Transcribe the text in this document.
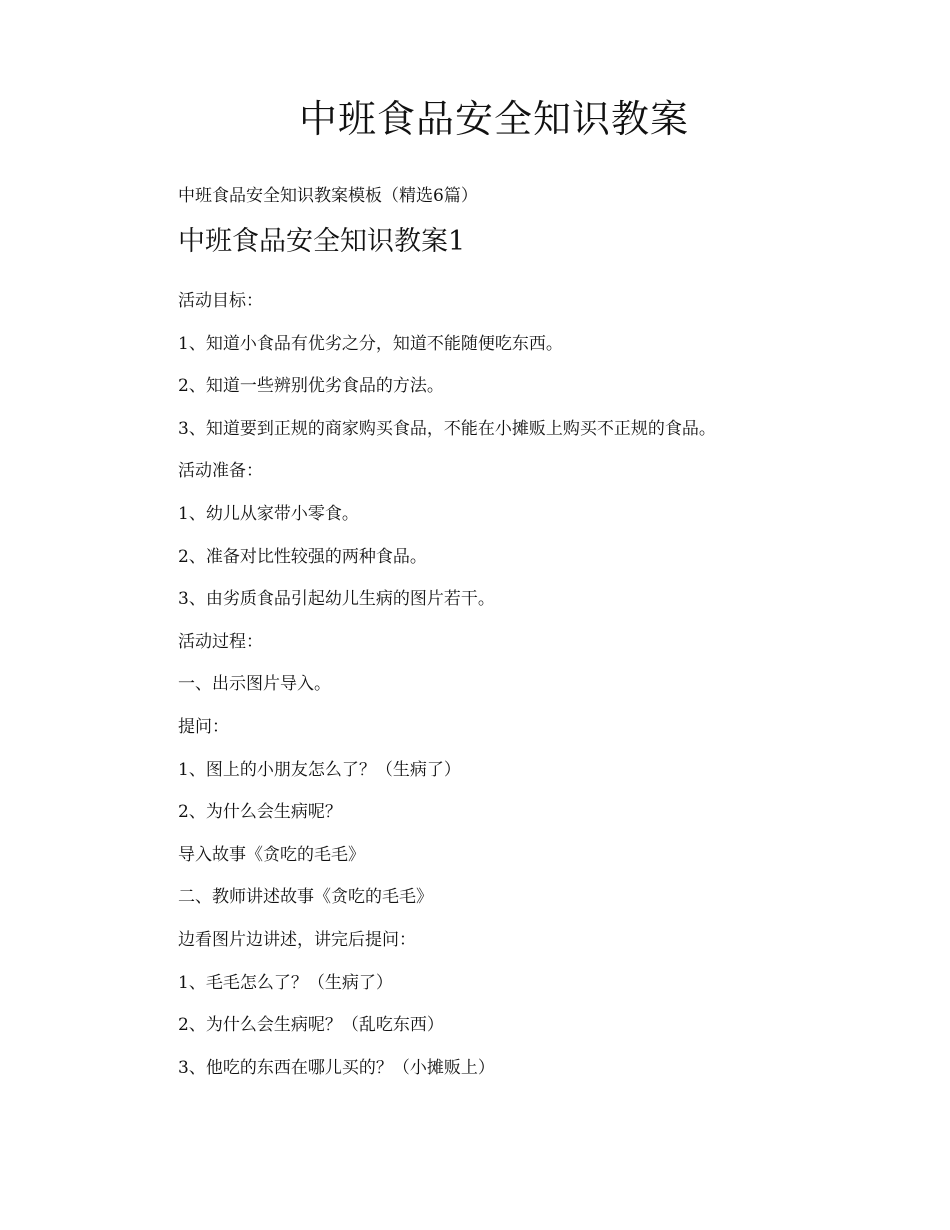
中班食品安全知识教案

中班食品安全知识教案模板（精选6篇）

中班食品安全知识教案1
活动目标：
1、知道小食品有优劣之分，知道不能随便吃东西。
2、知道一些辨别优劣食品的方法。
3、知道要到正规的商家购买食品，不能在小摊贩上购买不正规的食品。
活动准备：
1、幼儿从家带小零食。
2、准备对比性较强的两种食品。
3、由劣质食品引起幼儿生病的图片若干。
活动过程：
一、出示图片导入。
提问：
1、图上的小朋友怎么了？（生病了）
2、为什么会生病呢？
导入故事《贪吃的毛毛》
二、教师讲述故事《贪吃的毛毛》
边看图片边讲述，讲完后提问：
1、毛毛怎么了？（生病了）
2、为什么会生病呢？（乱吃东西）
3、他吃的东西在哪儿买的？（小摊贩上）
